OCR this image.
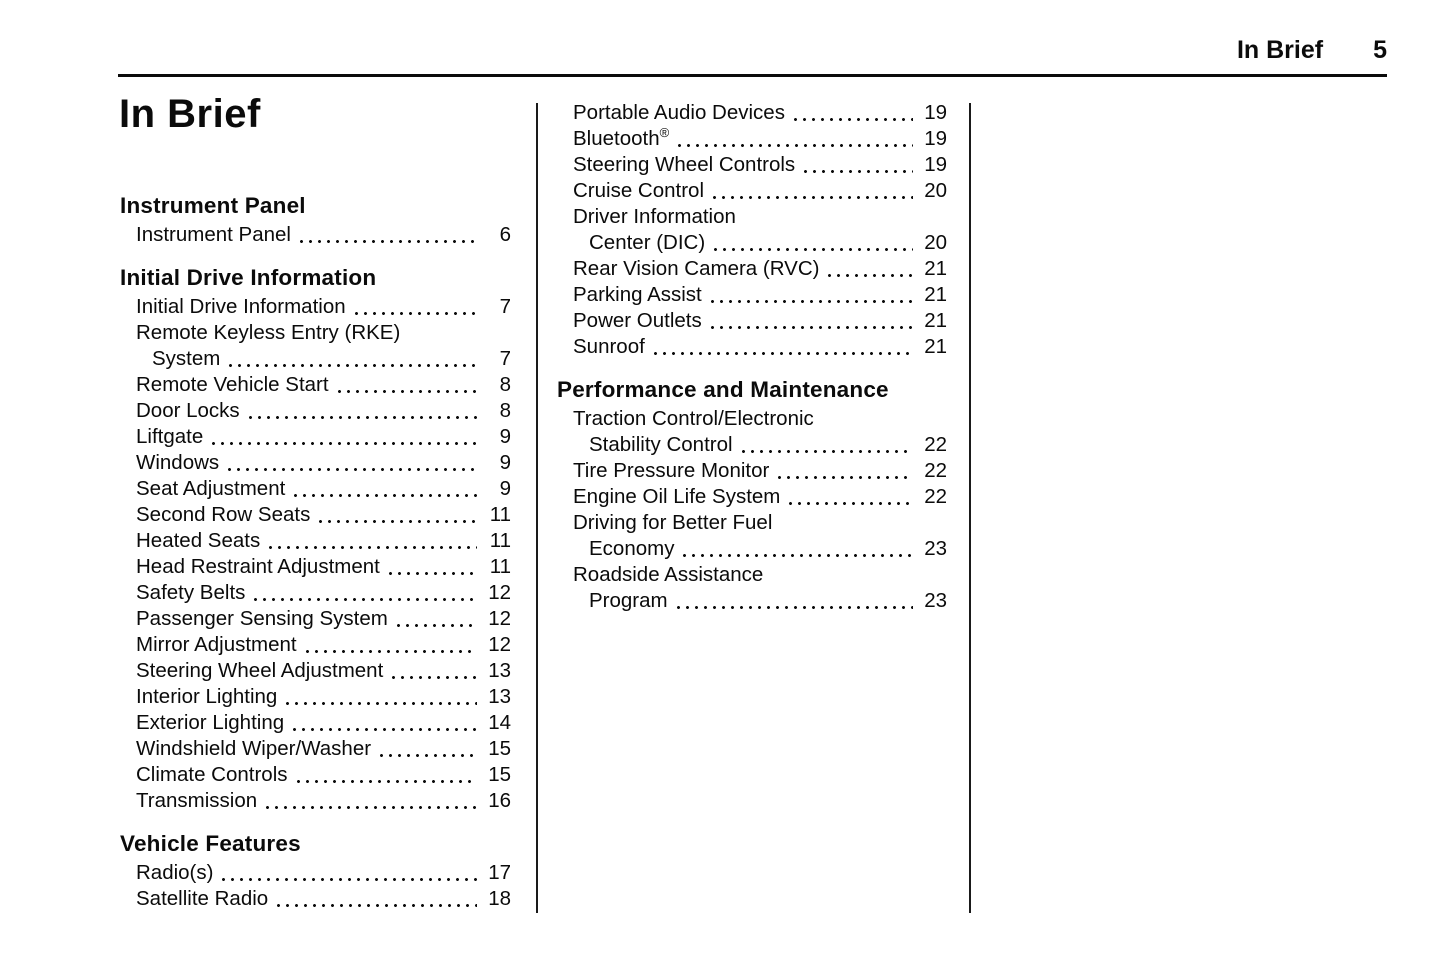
In Brief 5
In Brief
Instrument Panel
Instrument Panel	6
Initial Drive Information
Initial Drive Information	7
Remote Keyless Entry (RKE)
System	7
Remote Vehicle Start	8
Door Locks	8
Liftgate	9
Windows	9
Seat Adjustment	9
Second Row Seats	11
Heated Seats	11
Head Restraint Adjustment	11
Safety Belts	12
Passenger Sensing System	12
Mirror Adjustment	12
Steering Wheel Adjustment	13
Interior Lighting	13
Exterior Lighting	14
Windshield Wiper/Washer	15
Climate Controls	15
Transmission	16
Vehicle Features
Radio(s)	17
Satellite Radio	18
Portable Audio Devices	19
Bluetooth®	19
Steering Wheel Controls	19
Cruise Control	20
Driver Information
Center (DIC)	20
Rear Vision Camera (RVC)	21
Parking Assist	21
Power Outlets	21
Sunroof	21
Performance and Maintenance
Traction Control/Electronic
Stability Control	22
Tire Pressure Monitor	22
Engine Oil Life System	22
Driving for Better Fuel
Economy	23
Roadside Assistance
Program	23
